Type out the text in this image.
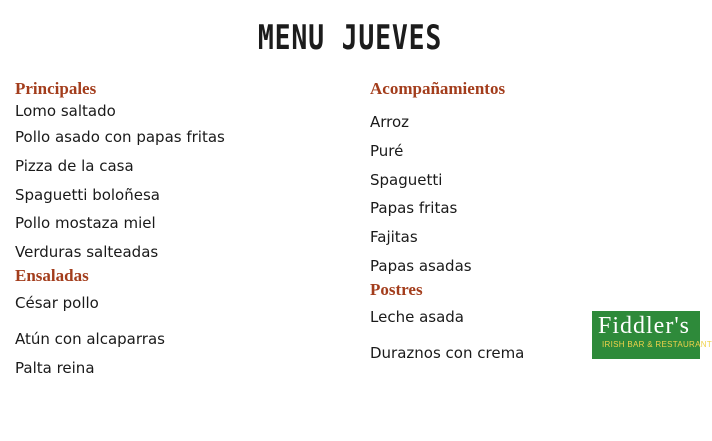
MENU JUEVES
Principales
Lomo saltado
Pollo asado con papas fritas
Pizza de la casa
Spaguetti boloñesa
Pollo mostaza miel
Verduras salteadas
Ensaladas
César pollo
Atún con alcaparras
Palta reina
Acompañamientos
Arroz
Puré
Spaguetti
Papas fritas
Fajitas
Papas asadas
Postres
Leche asada
Duraznos con crema
Fiddler's
IRISH BAR & RESTAURANT
